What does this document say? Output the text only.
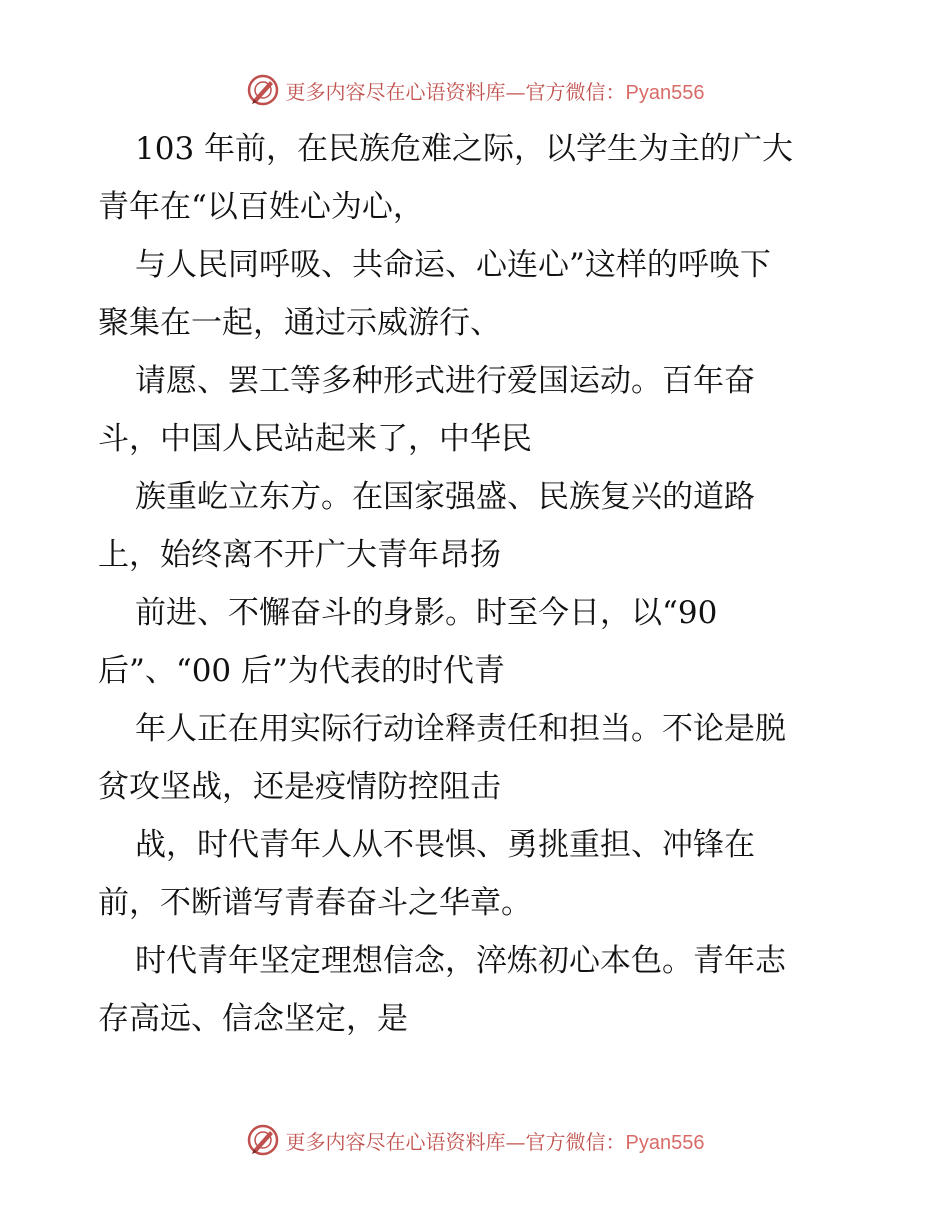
更多内容尽在心语资料库—官方微信：Pyan556
103 年前，在民族危难之际，以学生为主的广大
青年在“以百姓心为心，
与人民同呼吸、共命运、心连心”这样的呼唤下
聚集在一起，通过示威游行、
请愿、罢工等多种形式进行爱国运动。百年奋
斗，中国人民站起来了，中华民
族重屹立东方。在国家强盛、民族复兴的道路
上，始终离不开广大青年昂扬
前进、不懈奋斗的身影。时至今日，以“90
后”、“00 后”为代表的时代青
年人正在用实际行动诠释责任和担当。不论是脱
贫攻坚战，还是疫情防控阻击
战，时代青年人从不畏惧、勇挑重担、冲锋在
前，不断谱写青春奋斗之华章。
时代青年坚定理想信念，淬炼初心本色。青年志
存高远、信念坚定，是
更多内容尽在心语资料库—官方微信：Pyan556
